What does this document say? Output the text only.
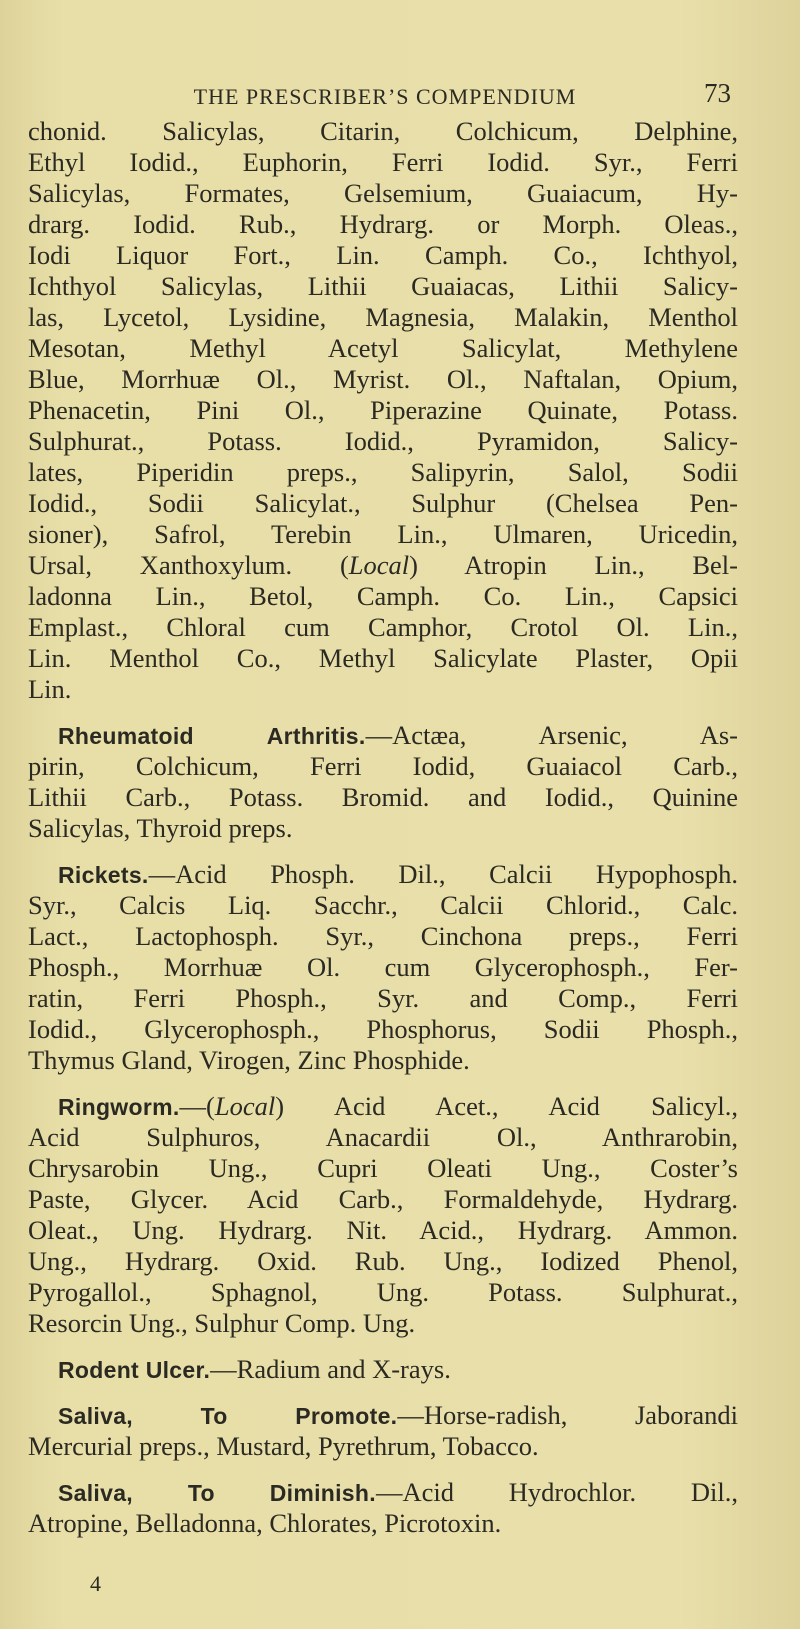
THE PRESCRIBER’S COMPENDIUM	73
chonid. Salicylas, Citarin, Colchicum, Delphine,
Ethyl Iodid., Euphorin, Ferri Iodid. Syr., Ferri
Salicylas, Formates, Gelsemium, Guaiacum, Hy-
drarg. Iodid. Rub., Hydrarg. or Morph. Oleas.,
Iodi Liquor Fort., Lin. Camph. Co., Ichthyol,
Ichthyol Salicylas, Lithii Guaiacas, Lithii Salicy-
las, Lycetol, Lysidine, Magnesia, Malakin, Menthol
Mesotan, Methyl Acetyl Salicylat, Methylene
Blue, Morrhuæ Ol., Myrist. Ol., Naftalan, Opium,
Phenacetin, Pini Ol., Piperazine Quinate, Potass.
Sulphurat., Potass. Iodid., Pyramidon, Salicy-
lates, Piperidin preps., Salipyrin, Salol, Sodii
Iodid., Sodii Salicylat., Sulphur (Chelsea Pen-
sioner), Safrol, Terebin Lin., Ulmaren, Uricedin,
Ursal, Xanthoxylum. (Local) Atropin Lin., Bel-
ladonna Lin., Betol, Camph. Co. Lin., Capsici
Emplast., Chloral cum Camphor, Crotol Ol. Lin.,
Lin. Menthol Co., Methyl Salicylate Plaster, Opii
Lin.
Rheumatoid Arthritis.—Actæa, Arsenic, As-
pirin, Colchicum, Ferri Iodid, Guaiacol Carb.,
Lithii Carb., Potass. Bromid. and Iodid., Quinine
Salicylas, Thyroid preps.
Rickets.—Acid Phosph. Dil., Calcii Hypophosph.
Syr., Calcis Liq. Sacchr., Calcii Chlorid., Calc.
Lact., Lactophosph. Syr., Cinchona preps., Ferri
Phosph., Morrhuæ Ol. cum Glycerophosph., Fer-
ratin, Ferri Phosph., Syr. and Comp., Ferri
Iodid., Glycerophosph., Phosphorus, Sodii Phosph.,
Thymus Gland, Virogen, Zinc Phosphide.
Ringworm.—(Local) Acid Acet., Acid Salicyl.,
Acid Sulphuros, Anacardii Ol., Anthrarobin,
Chrysarobin Ung., Cupri Oleati Ung., Coster’s
Paste, Glycer. Acid Carb., Formaldehyde, Hydrarg.
Oleat., Ung. Hydrarg. Nit. Acid., Hydrarg. Ammon.
Ung., Hydrarg. Oxid. Rub. Ung., Iodized Phenol,
Pyrogallol., Sphagnol, Ung. Potass. Sulphurat.,
Resorcin Ung., Sulphur Comp. Ung.
Rodent Ulcer.—Radium and X-rays.
Saliva, To Promote.—Horse-radish, Jaborandi
Mercurial preps., Mustard, Pyrethrum, Tobacco.
Saliva, To Diminish.—Acid Hydrochlor. Dil.,
Atropine, Belladonna, Chlorates, Picrotoxin.
4
